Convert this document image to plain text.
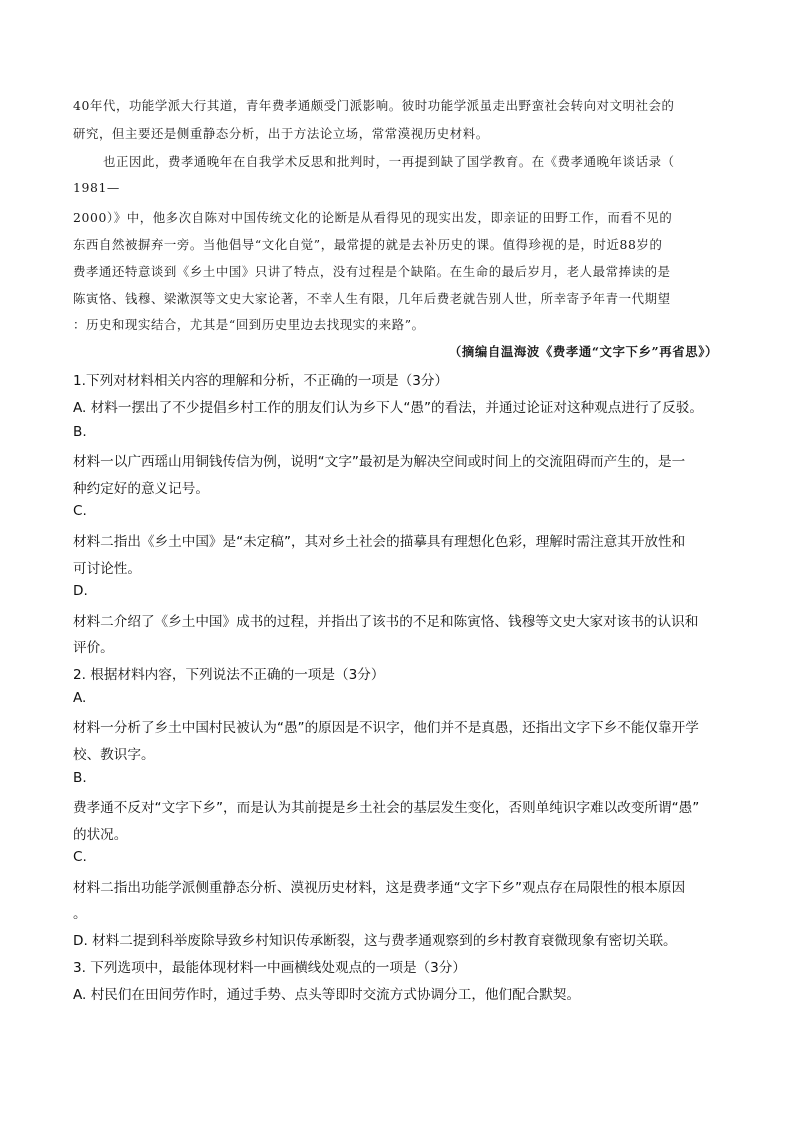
40年代，功能学派大行其道，青年费孝通颇受门派影响。彼时功能学派虽走出野蛮社会转向对文明社会的
研究，但主要还是侧重静态分析，出于方法论立场，常常漠视历史材料。
也正因此，费孝通晚年在自我学术反思和批判时，一再提到缺了国学教育。在《费孝通晚年谈话录（
1981—
2000）》中，他多次自陈对中国传统文化的论断是从看得见的现实出发，即亲证的田野工作，而看不见的
东西自然被摒弃一旁。当他倡导“文化自觉”，最常提的就是去补历史的课。值得珍视的是，时近88岁的
费孝通还特意谈到《乡土中国》只讲了特点，没有过程是个缺陷。在生命的最后岁月，老人最常捧读的是
陈寅恪、钱穆、梁漱溟等文史大家论著，不幸人生有限，几年后费老就告别人世，所幸寄予年青一代期望
：历史和现实结合，尤其是“回到历史里边去找现实的来路”。
（摘编自温海波《费孝通“文字下乡”再省思》）
1.下列对材料相关内容的理解和分析，不正确的一项是（3分）
A. 材料一摆出了不少提倡乡村工作的朋友们认为乡下人“愚”的看法，并通过论证对这种观点进行了反驳。
B.
材料一以广西瑶山用铜钱传信为例，说明“文字”最初是为解决空间或时间上的交流阻碍而产生的，是一
种约定好的意义记号。
C.
材料二指出《乡土中国》是“未定稿”，其对乡土社会的描摹具有理想化色彩，理解时需注意其开放性和
可讨论性。
D.
材料二介绍了《乡土中国》成书的过程，并指出了该书的不足和陈寅恪、钱穆等文史大家对该书的认识和
评价。
2. 根据材料内容，下列说法不正确的一项是（3分）
A.
材料一分析了乡土中国村民被认为“愚”的原因是不识字，他们并不是真愚，还指出文字下乡不能仅靠开学
校、教识字。
B.
费孝通不反对“文字下乡”，而是认为其前提是乡土社会的基层发生变化，否则单纯识字难以改变所谓“愚”
的状况。
C.
材料二指出功能学派侧重静态分析、漠视历史材料，这是费孝通“文字下乡”观点存在局限性的根本原因
。
D. 材料二提到科举废除导致乡村知识传承断裂，这与费孝通观察到的乡村教育衰微现象有密切关联。
3. 下列选项中，最能体现材料一中画横线处观点的一项是（3分）
A. 村民们在田间劳作时，通过手势、点头等即时交流方式协调分工，他们配合默契。
